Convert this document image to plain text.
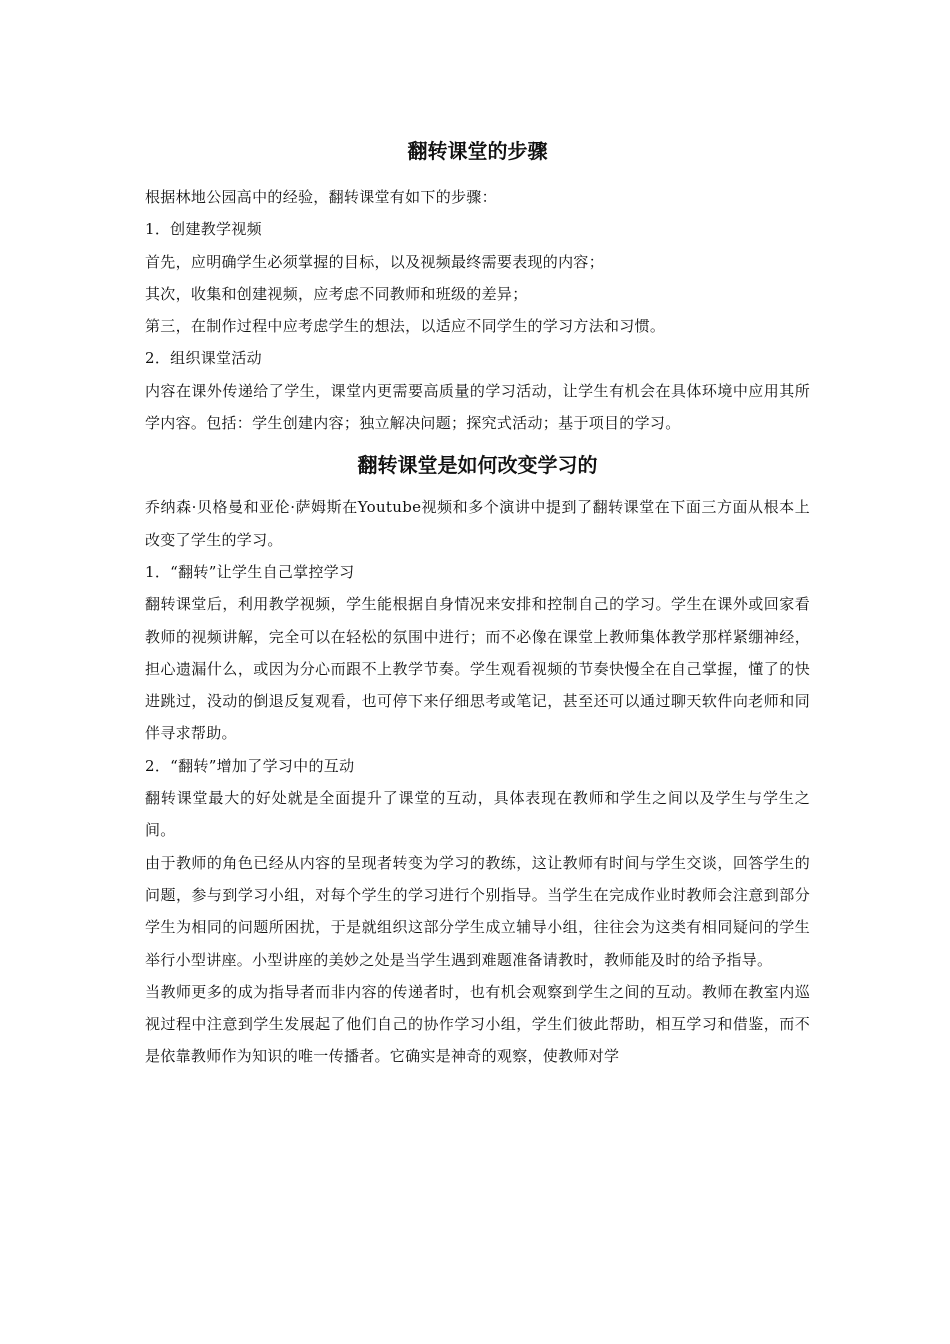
翻转课堂的步骤

根据林地公园高中的经验，翻转课堂有如下的步骤：

1．创建教学视频

首先，应明确学生必须掌握的目标，以及视频最终需要表现的内容；

其次，收集和创建视频，应考虑不同教师和班级的差异；

第三，在制作过程中应考虑学生的想法，以适应不同学生的学习方法和习惯。

2．组织课堂活动

内容在课外传递给了学生，课堂内更需要高质量的学习活动，让学生有机会在具体环境中应用其所学内容。包括：学生创建内容；独立解决问题；探究式活动；基于项目的学习。

翻转课堂是如何改变学习的

乔纳森·贝格曼和亚伦·萨姆斯在Youtube视频和多个演讲中提到了翻转课堂在下面三方面从根本上改变了学生的学习。

1．“翻转”让学生自己掌控学习

翻转课堂后，利用教学视频，学生能根据自身情况来安排和控制自己的学习。学生在课外或回家看教师的视频讲解，完全可以在轻松的氛围中进行；而不必像在课堂上教师集体教学那样紧绷神经，担心遗漏什么，或因为分心而跟不上教学节奏。学生观看视频的节奏快慢全在自己掌握，懂了的快进跳过，没动的倒退反复观看，也可停下来仔细思考或笔记，甚至还可以通过聊天软件向老师和同伴寻求帮助。

2．“翻转”增加了学习中的互动

翻转课堂最大的好处就是全面提升了课堂的互动，具体表现在教师和学生之间以及学生与学生之间。

由于教师的角色已经从内容的呈现者转变为学习的教练，这让教师有时间与学生交谈，回答学生的问题，参与到学习小组，对每个学生的学习进行个别指导。当学生在完成作业时教师会注意到部分学生为相同的问题所困扰，于是就组织这部分学生成立辅导小组，往往会为这类有相同疑问的学生举行小型讲座。小型讲座的美妙之处是当学生遇到难题准备请教时，教师能及时的给予指导。

当教师更多的成为指导者而非内容的传递者时，也有机会观察到学生之间的互动。教师在教室内巡视过程中注意到学生发展起了他们自己的协作学习小组，学生们彼此帮助，相互学习和借鉴，而不是依靠教师作为知识的唯一传播者。它确实是神奇的观察，使教师对学
